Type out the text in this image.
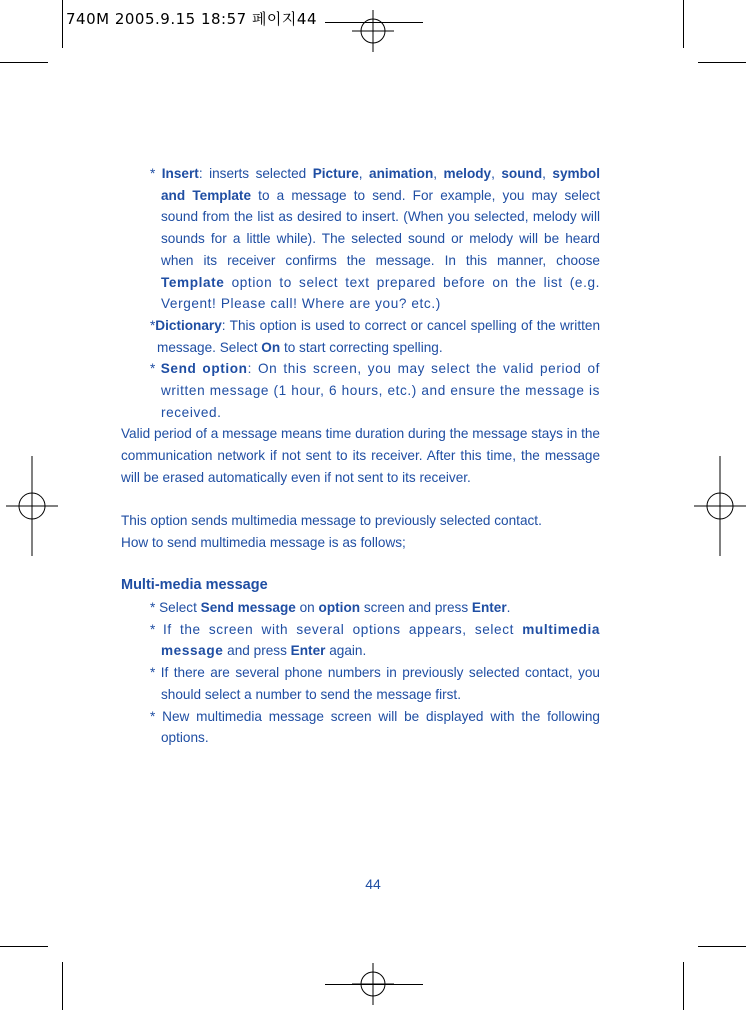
740M 2005.9.15 18:57 페이지44

* Insert: inserts selected Picture, animation, melody, sound, symbol and Template to a message to send. For example, you may select sound from the list as desired to insert. (When you selected, melody will sounds for a little while). The selected sound or melody will be heard when its receiver confirms the message. In this manner, choose Template option to select text prepared before on the list (e.g. Vergent! Please call! Where are you? etc.)

*Dictionary: This option is used to correct or cancel spelling of the written message. Select On to start correcting spelling.

* Send option: On this screen, you may select the valid period of written message (1 hour, 6 hours, etc.) and ensure the message is received.

Valid period of a message means time duration during the message stays in the communication network if not sent to its receiver. After this time, the message will be erased automatically even if not sent to its receiver.

This option sends multimedia message to previously selected contact.

How to send multimedia message is as follows;

Multi-media message

* Select Send message on option screen and press Enter.

* If the screen with several options appears, select multimedia message and press Enter again.

* If there are several phone numbers in previously selected contact, you should select a number to send the message first.

* New multimedia message screen will be displayed with the following options.

44
